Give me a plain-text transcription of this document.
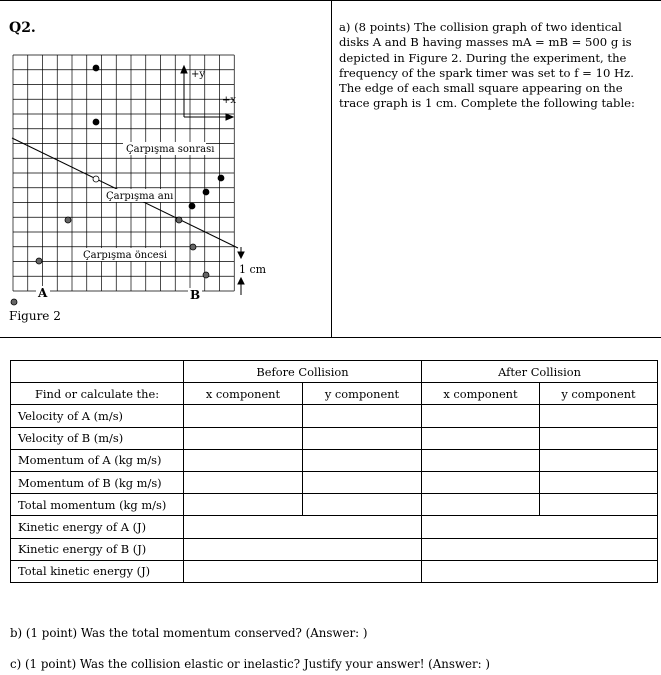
Q2.
+y
+x
Çarpışma sonrası
Çarpışma anı
Çarpışma öncesi
1 cm
A	B
Figure 2
a) (8 points) The collision graph of two identical disks A and B having masses mA = mB = 500 g is depicted in Figure 2. During the experiment, the frequency of the spark timer was set to f = 10 Hz. The edge of each small square appearing on the trace graph is 1 cm. Complete the following table:
	Before Collision		After Collision	
Find or calculate the:	x component	y component	x component	y component
Velocity of A (m/s)				
Velocity of B (m/s)				
Momentum of A (kg m/s)				
Momentum of B (kg m/s)				
Total momentum (kg m/s)				
Kinetic energy of A (J)				
Kinetic energy of B (J)				
Total kinetic energy (J)				
b) (1 point) Was the total momentum conserved? (Answer: )
c) (1 point) Was the collision elastic or inelastic? Justify your answer! (Answer: )
